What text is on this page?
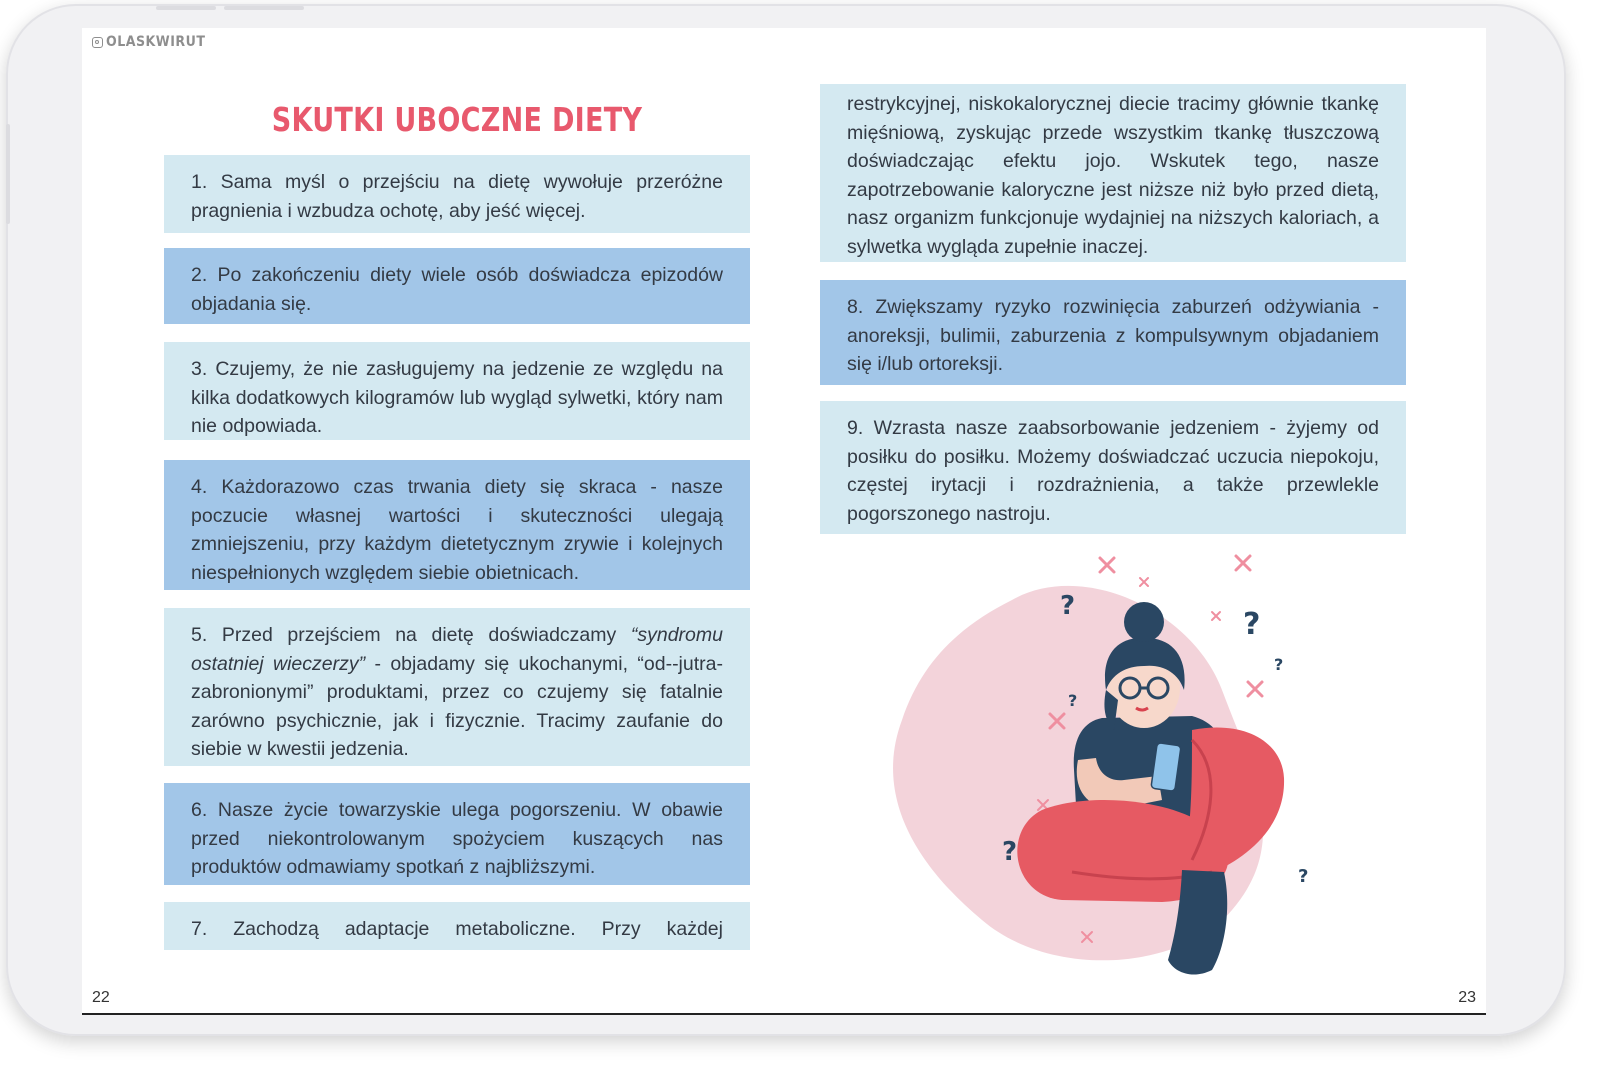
OLASKWIRUT
SKUTKI UBOCZNE DIETY
1. Sama myśl o przejściu na dietę wywołuje przeróżne pragnienia i wzbudza ochotę, aby jeść więcej.
2. Po zakończeniu diety wiele osób doświadcza epizodów objadania się.
3. Czujemy, że nie zasługujemy na jedzenie ze względu na kilka dodatkowych kilogramów lub wygląd sylwetki, który nam nie odpowiada.
4. Każdorazowo czas trwania diety się skraca - nasze poczucie własnej wartości i skuteczności ulegają zmniejszeniu, przy każdym dietetycznym zrywie i kolejnych niespełnionych względem siebie obietnicach.
5. Przed przejściem na dietę doświadczamy “syndromu ostatniej wieczerzy” - objadamy się ukochanymi, “od--jutra-zabronionymi” produktami, przez co czujemy się fatalnie zarówno psychicznie, jak i fizycznie. Tracimy zaufanie do siebie w kwestii jedzenia.
6. Nasze życie towarzyskie ulega pogorszeniu. W obawie przed niekontrolowanym spożyciem kuszących nas produktów odmawiamy spotkań z najbliższymi.
7. Zachodzą adaptacje metaboliczne. Przy każdej
restrykcyjnej, niskokalorycznej diecie tracimy głównie tkankę mięśniową, zyskując przede wszystkim tkankę tłuszczową doświadczając efektu jojo. Wskutek tego, nasze zapotrzebowanie kaloryczne jest niższe niż było przed dietą, nasz organizm funkcjonuje wydajniej na niższych kaloriach, a sylwetka wygląda zupełnie inaczej.
8. Zwiększamy ryzyko rozwinięcia zaburzeń odżywiania - anoreksji, bulimii, zaburzenia z kompulsywnym objadaniem się i/lub ortoreksji.
9. Wzrasta nasze zaabsorbowanie jedzeniem - żyjemy od posiłku do posiłku. Możemy doświadczać uczucia niepokoju, częstej irytacji i rozdrażnienia, a także przewlekle pogorszonego nastroju.
?
?
?
?
?
?
22	23
